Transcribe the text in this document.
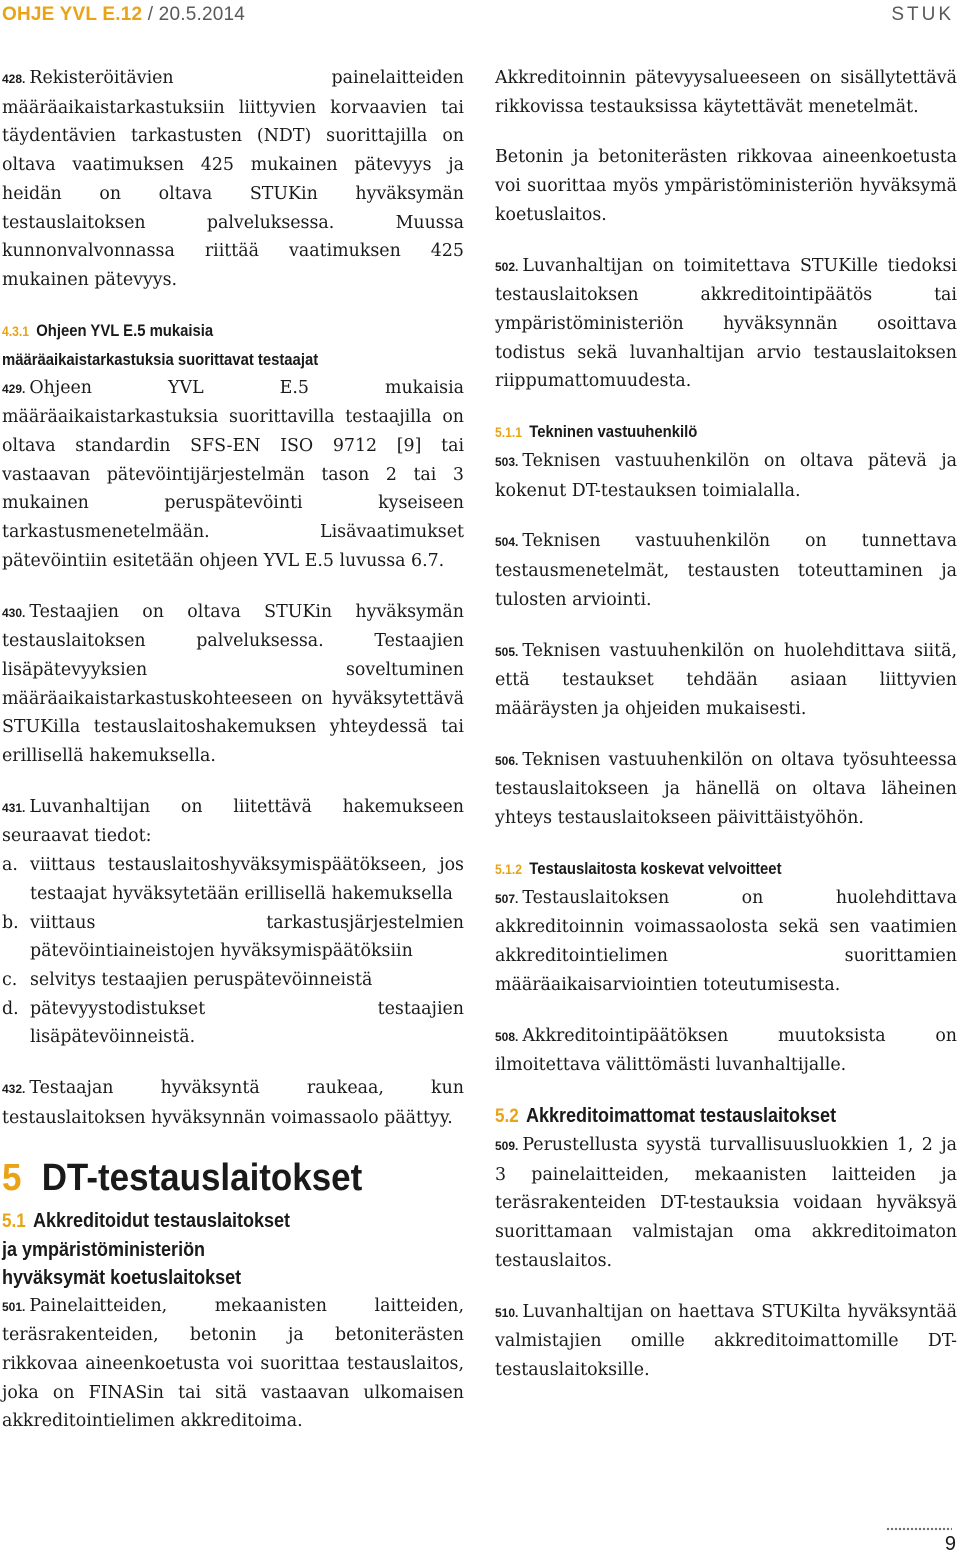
OHJE YVL E.12 / 20.5.2014	STUK

428. Rekisteröitävien painelaitteiden määräaikaistarkastuksiin liittyvien korvaavien tai täydentävien tarkastusten (NDT) suorittajilla on oltava vaatimuksen 425 mukainen pätevyys ja heidän on oltava STUKin hyväksymän testauslaitoksen palveluksessa. Muussa kunnonvalvonnassa riittää vaatimuksen 425 mukainen pätevyys.

4.3.1 Ohjeen YVL E.5 mukaisia

määräaikaistarkastuksia suorittavat testaajat

429. Ohjeen YVL E.5 mukaisia määräaikaistarkastuksia suorittavilla testaajilla on oltava standardin SFS-EN ISO 9712 [9] tai vastaavan pätevöintijärjestelmän tason 2 tai 3 mukainen peruspätevöinti kyseiseen tarkastusmenetelmään. Lisävaatimukset pätevöintiin esitetään ohjeen YVL E.5 luvussa 6.7.

430. Testaajien on oltava STUKin hyväksymän testauslaitoksen palveluksessa. Testaajien lisäpätevyyksien soveltuminen määräaikaistarkastuskohteeseen on hyväksytettävä STUKilla testauslaitoshakemuksen yhteydessä tai erillisellä hakemuksella.

431. Luvanhaltijan on liitettävä hakemukseen seuraavat tiedot:

a. viittaus testauslaitoshyväksymispäätökseen, jos testaajat hyväksytetään erillisellä hakemuksella
b. viittaus tarkastusjärjestelmien pätevöintiaineistojen hyväksymispäätöksiin
c. selvitys testaajien peruspätevöinneistä
d. pätevyystodistukset testaajien lisäpätevöinneistä.

432. Testaajan hyväksyntä raukeaa, kun testauslaitoksen hyväksynnän voimassaolo päättyy.

5 DT-testauslaitokset

5.1 Akkreditoidut testauslaitokset

ja ympäristöministeriön

hyväksymät koetuslaitokset

501. Painelaitteiden, mekaanisten laitteiden, teräsrakenteiden, betonin ja betoniterästen rikkovaa aineenkoetusta voi suorittaa testauslaitos, joka on FINASin tai sitä vastaavan ulkomaisen akkreditointielimen akkreditoima.

Akkreditoinnin pätevyysalueeseen on sisällytettävä rikkovissa testauksissa käytettävät menetelmät.

Betonin ja betoniterästen rikkovaa aineenkoetusta voi suorittaa myös ympäristöministeriön hyväksymä koetuslaitos.

502. Luvanhaltijan on toimitettava STUKille tiedoksi testauslaitoksen akkreditointipäätös tai ympäristöministeriön hyväksynnän osoittava todistus sekä luvanhaltijan arvio testauslaitoksen riippumattomuudesta.

5.1.1 Tekninen vastuuhenkilö

503. Teknisen vastuuhenkilön on oltava pätevä ja kokenut DT-testauksen toimialalla.

504. Teknisen vastuuhenkilön on tunnettava testausmenetelmät, testausten toteuttaminen ja tulosten arviointi.

505. Teknisen vastuuhenkilön on huolehdittava siitä, että testaukset tehdään asiaan liittyvien määräysten ja ohjeiden mukaisesti.

506. Teknisen vastuuhenkilön on oltava työsuhteessa testauslaitokseen ja hänellä on oltava läheinen yhteys testauslaitokseen päivittäistyöhön.

5.1.2 Testauslaitosta koskevat velvoitteet

507. Testauslaitoksen on huolehdittava akkreditoinnin voimassaolosta sekä sen vaatimien akkreditointielimen suorittamien määräaikaisarviointien toteutumisesta.

508. Akkreditointipäätöksen muutoksista on ilmoitettava välittömästi luvanhaltijalle.

5.2 Akkreditoimattomat testauslaitokset

509. Perustellusta syystä turvallisuusluokkien 1, 2 ja 3 painelaitteiden, mekaanisten laitteiden ja teräsrakenteiden DT-testauksia voidaan hyväksyä suorittamaan valmistajan oma akkreditoimaton testauslaitos.

510. Luvanhaltijan on haettava STUKilta hyväksyntää valmistajien omille akkreditoimattomille DT-testauslaitoksille.

9
